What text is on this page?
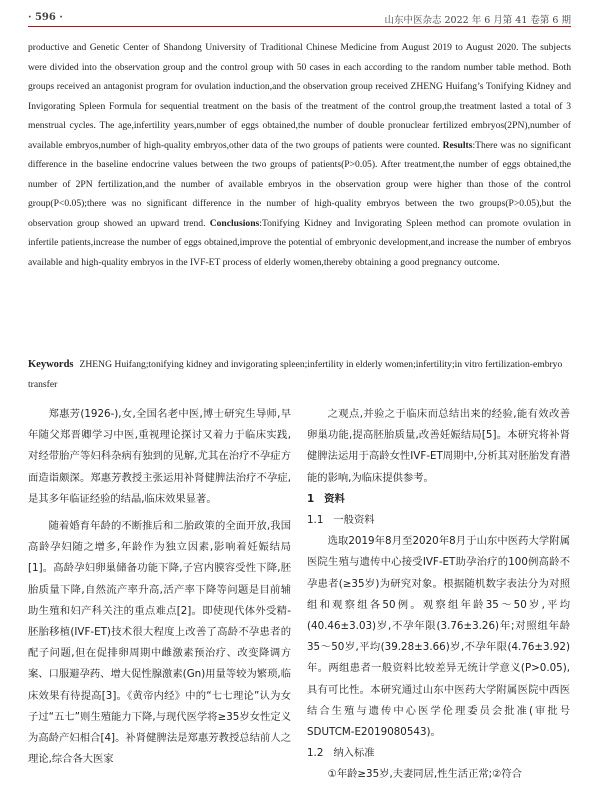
· 596 ·	山东中医杂志 2022 年 6 月第 41 卷第 6 期
productive and Genetic Center of Shandong University of Traditional Chinese Medicine from August 2019 to August 2020. The subjects were divided into the observation group and the control group with 50 cases in each according to the random number table method. Both groups received an antagonist program for ovulation induction,and the observation group received ZHENG Huifang’s Tonifying Kidney and Invigorating Spleen Formula for sequential treatment on the basis of the treatment of the control group,the treatment lasted a total of 3 menstrual cycles. The age,infertility years,number of eggs obtained,the number of double pronuclear fertilized embryos(2PN),number of available embryos,number of high-quality embryos,other data of the two groups of patients were counted. Results:There was no significant difference in the baseline endocrine values between the two groups of patients(P>0.05). After treatment,the number of eggs obtained,the number of 2PN fertilization,and the number of available embryos in the observation group were higher than those of the control group(P<0.05);there was no significant difference in the number of high-quality embryos between the two groups(P>0.05),but the observation group showed an upward trend. Conclusions:Tonifying Kidney and Invigorating Spleen method can promote ovulation in infertile patients,increase the number of eggs obtained,improve the potential of embryonic development,and increase the number of embryos available and high-quality embryos in the IVF-ET process of elderly women,thereby obtaining a good pregnancy outcome.
Keywords ZHENG Huifang;tonifying kidney and invigorating spleen;infertility in elderly women;infertility;in vitro fertilization-embryo transfer

郑惠芳(1926-),女,全国名老中医,博士研究生导师,早年随父郑晋卿学习中医,重视理论探讨又着力于临床实践,对经带胎产等妇科杂病有独到的见解,尤其在治疗不孕症方面造诣颇深。郑惠芳教授主张运用补肾健脾法治疗不孕症,是其多年临证经验的结晶,临床效果显著。

随着婚育年龄的不断推后和二胎政策的全面开放,我国高龄孕妇随之增多,年龄作为独立因素,影响着妊娠结局[1]。高龄孕妇卵巢储备功能下降,子宫内膜容受性下降,胚胎质量下降,自然流产率升高,活产率下降等问题是目前辅助生殖和妇产科关注的重点难点[2]。即使现代体外受精-胚胎移植(IVF-ET)技术很大程度上改善了高龄不孕患者的配子问题,但在促排卵周期中雌激素预治疗、改变降调方案、口服避孕药、增大促性腺激素(Gn)用量等较为繁琐,临床效果有待提高[3]。《黄帝内经》中的“七七理论”认为女子过“五七”则生殖能力下降,与现代医学将≥35岁女性定义为高龄产妇相合[4]。补肾健脾法是郑惠芳教授总结前人之理论,综合各大医家

之观点,并验之于临床而总结出来的经验,能有效改善卵巢功能,提高胚胎质量,改善妊娠结局[5]。本研究将补肾健脾法运用于高龄女性IVF-ET周期中,分析其对胚胎发育潜能的影响,为临床提供参考。

1 资料

1.1 一般资料

选取2019年8月至2020年8月于山东中医药大学附属医院生殖与遗传中心接受IVF-ET助孕治疗的100例高龄不孕患者(≥35岁)为研究对象。根据随机数字表法分为对照组和观察组各50例。观察组年龄35～50岁,平均(40.46±3.03)岁,不孕年限(3.76±3.26)年;对照组年龄35～50岁,平均(39.28±3.66)岁,不孕年限(4.76±3.92)年。两组患者一般资料比较差异无统计学意义(P>0.05),具有可比性。本研究通过山东中医药大学附属医院中西医结合生殖与遗传中心医学伦理委员会批准(审批号SDUTCM-E2019080543)。

1.2 纳入标准

①年龄≥35岁,夫妻同居,性生活正常;②符合
